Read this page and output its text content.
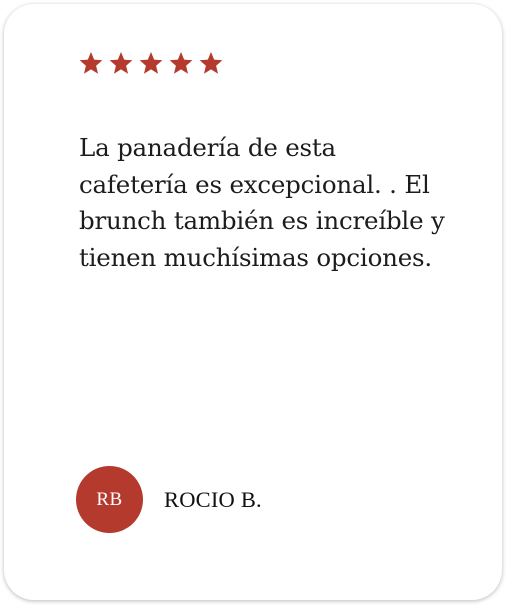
La panadería de esta cafetería es excepcional. . El brunch también es increíble y tienen muchísimas opciones.

RB ROCIO B.
